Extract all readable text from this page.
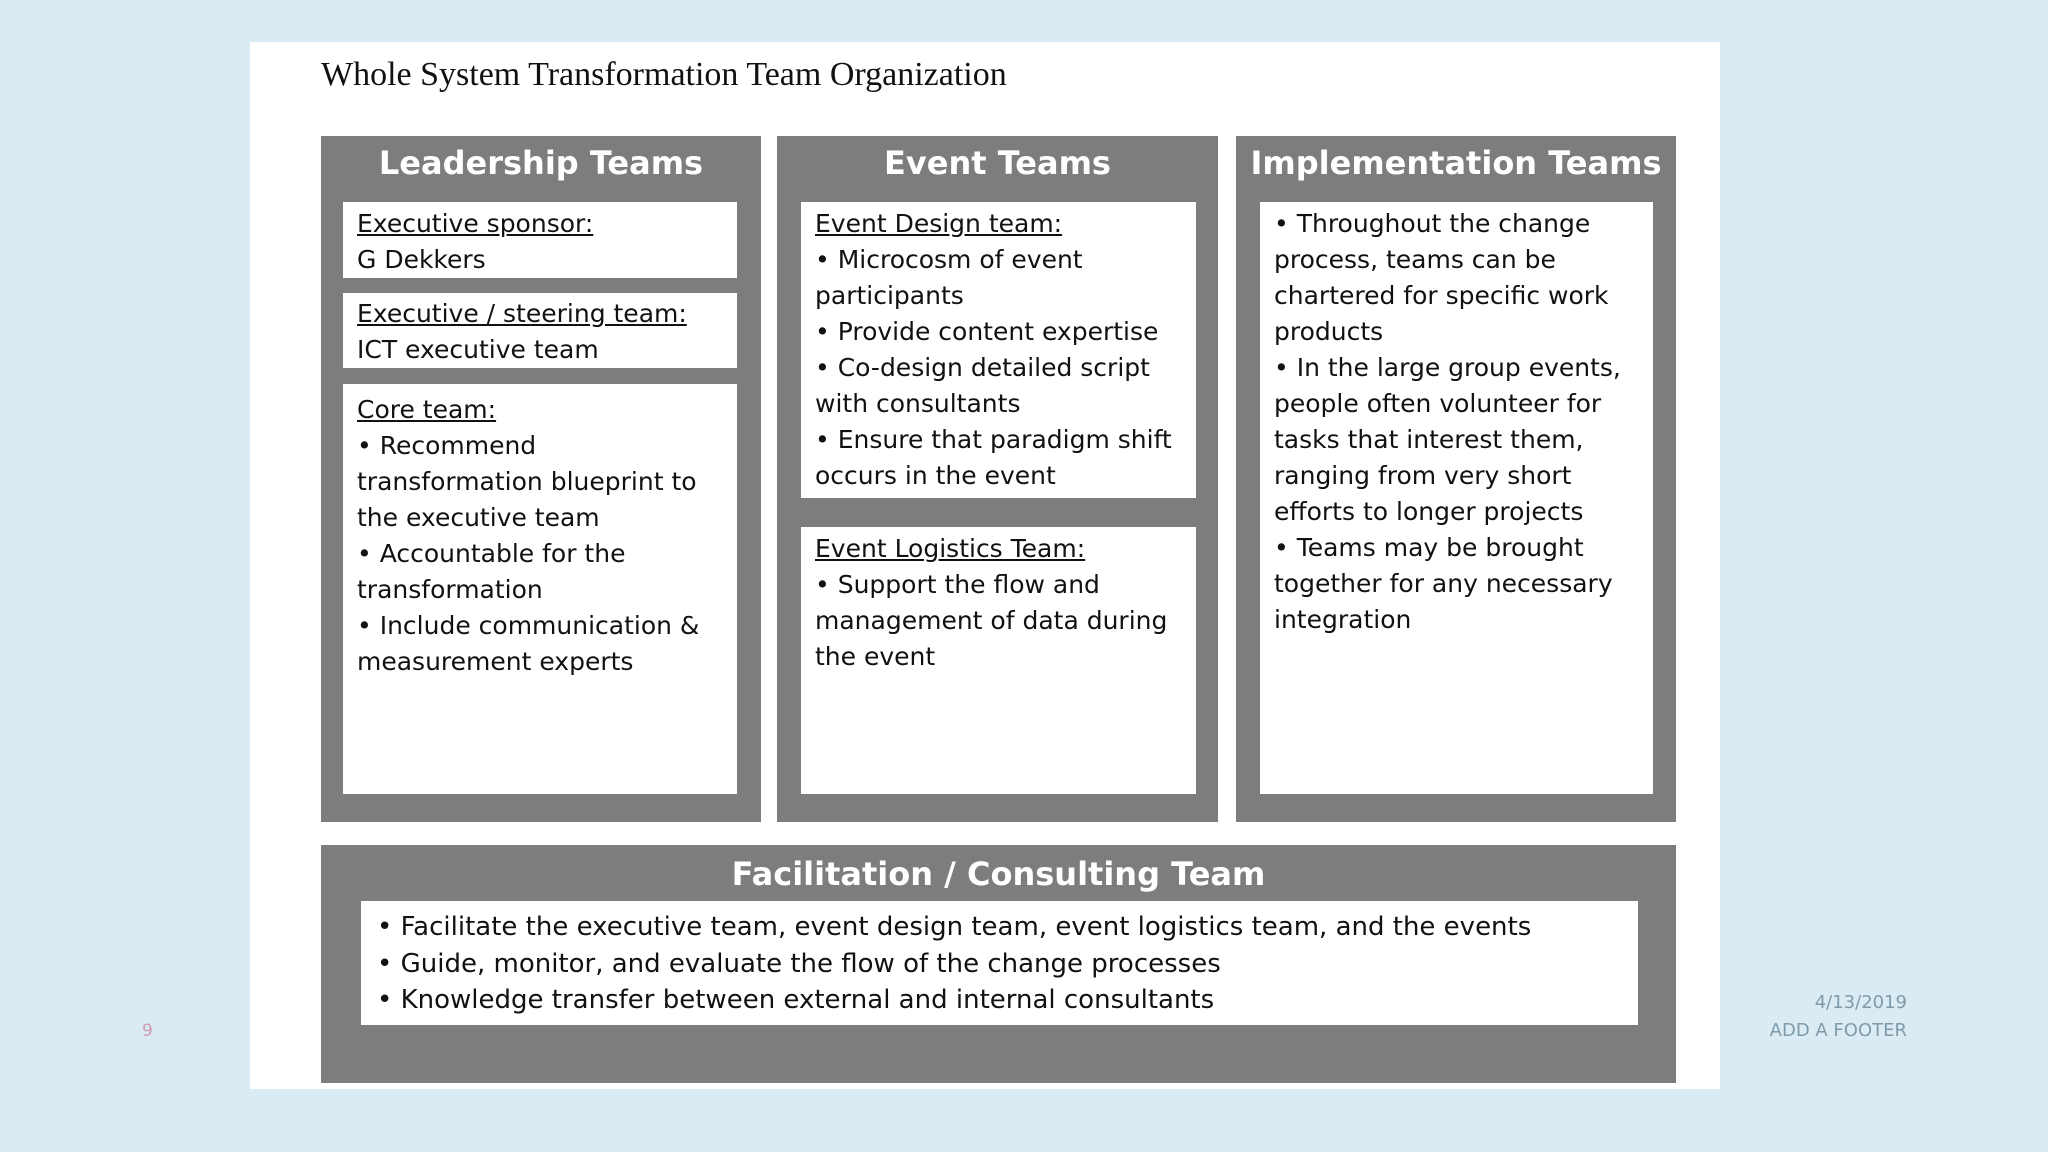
Whole System Transformation Team Organization
Leadership Teams
Executive sponsor:
G Dekkers
Executive / steering team:
ICT executive team
Core team:
• Recommend transformation blueprint to the executive team
• Accountable for the transformation
• Include communication & measurement experts
Event Teams
Event Design team:
• Microcosm of event participants
• Provide content expertise
• Co-design detailed script with consultants
• Ensure that paradigm shift occurs in the event
Event Logistics Team:
• Support the flow and management of data during the event
Implementation Teams
• Throughout the change process, teams can be chartered for specific work products
• In the large group events, people often volunteer for tasks that interest them, ranging from very short efforts to longer projects
• Teams may be brought together for any necessary integration
Facilitation / Consulting Team
• Facilitate the executive team, event design team, event logistics team, and the events
• Guide, monitor, and evaluate the flow of the change processes
• Knowledge transfer between external and internal consultants
9
4/13/2019
ADD A FOOTER
